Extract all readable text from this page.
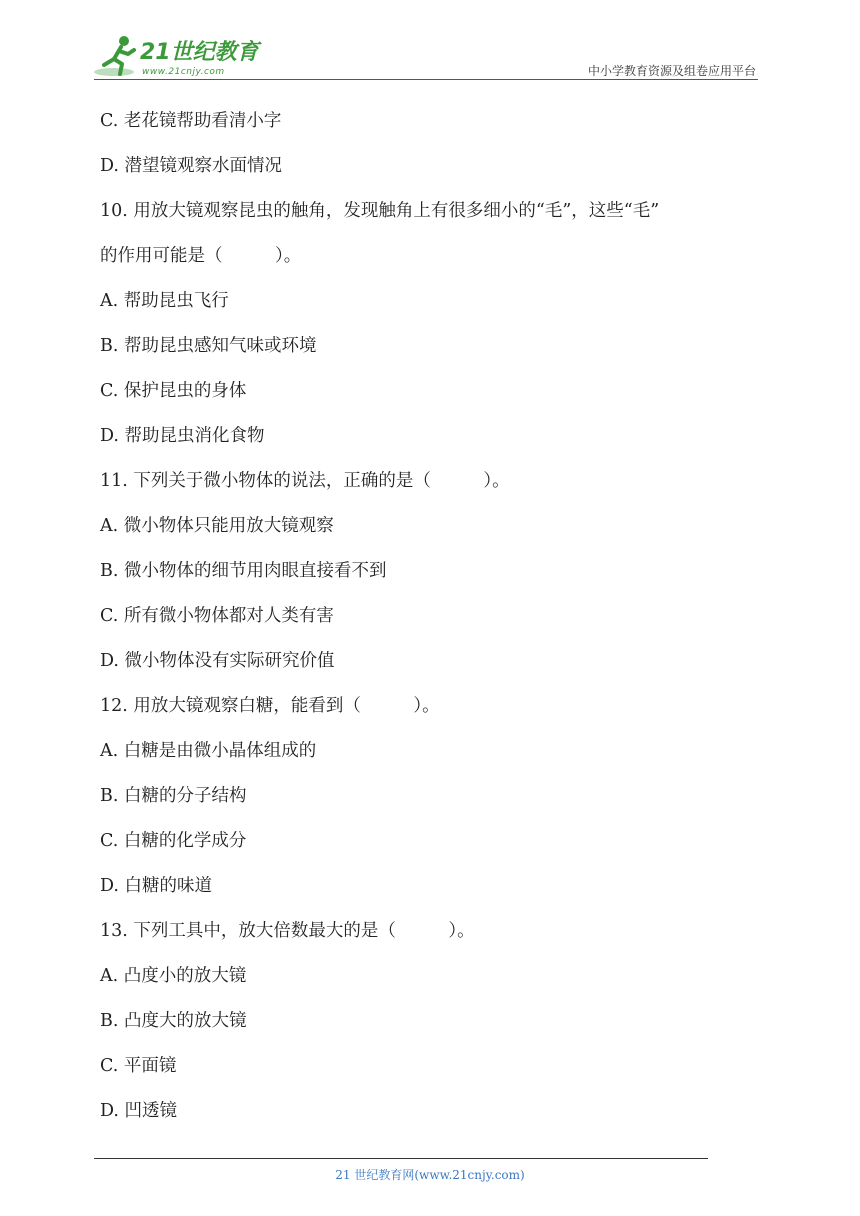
21世纪教育
www.21cnjy.com	中小学教育资源及组卷应用平台
C. 老花镜帮助看清小字
D. 潜望镜观察水面情况
10. 用放大镜观察昆虫的触角，发现触角上有很多细小的“毛”，这些“毛”
的作用可能是（　　　）。
A. 帮助昆虫飞行
B. 帮助昆虫感知气味或环境
C. 保护昆虫的身体
D. 帮助昆虫消化食物
11. 下列关于微小物体的说法，正确的是（　　　）。
A. 微小物体只能用放大镜观察
B. 微小物体的细节用肉眼直接看不到
C. 所有微小物体都对人类有害
D. 微小物体没有实际研究价值
12. 用放大镜观察白糖，能看到（　　　）。
A. 白糖是由微小晶体组成的
B. 白糖的分子结构
C. 白糖的化学成分
D. 白糖的味道
13. 下列工具中，放大倍数最大的是（　　　）。
A. 凸度小的放大镜
B. 凸度大的放大镜
C. 平面镜
D. 凹透镜
21 世纪教育网(www.21cnjy.com)
